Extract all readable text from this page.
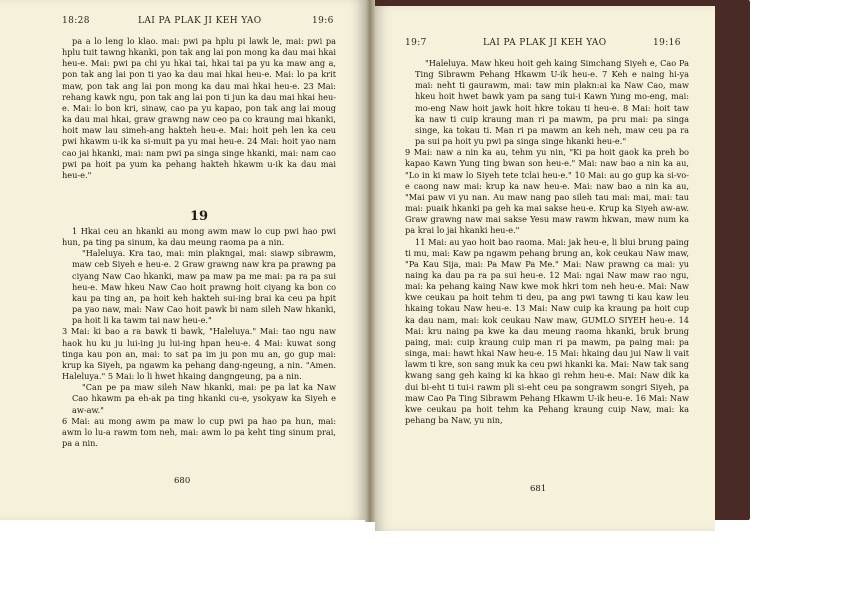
18:28	LAI PA PLAK JI KEH YAO	19:6

pa a lo leng lo klao. mai: pwi pa hplu pi lawk le, mai: pwi pa hplu tuit tawng hkanki, pon tak ang lai pon mong ka dau mai hkai heu-e. Mai: pwi pa chi yu hkai tai, hkai tai pa yu ka maw ang a, pon tak ang lai pon ti yao ka dau mai hkai heu-e. Mai: lo pa krit maw, pon tak ang lai pon mong ka dau mai hkai heu-e. 23 Mai: rehang kawk ngu, pon tak ang lai pon ti jun ka dau mai hkai heu-e. Mai: lo bon kri, sinaw, cao pa yu kapao, pon tak ang lai moug ka dau mai hkai, graw grawng naw ceo pa co kraung mai hkanki, hoit maw lau simeh-ang hakteh heu-e. Mai: hoit peh len ka ceu pwi hkawm u-ik ka si-muit pa yu mai heu-e. 24 Mai: hoit yao nam cao jai hkanki, mai: nam pwi pa singa singe hkanki, mai: nam cao pwi pa hoit pa yum ka pehang hakteh hkawm u-ik ka dau mai heu-e."

19

1 Hkai ceu an hkanki au mong awm maw lo cup pwi hao pwi hun, pa ting pa sinum, ka dau meung raoma pa a nin.

"Haleluya. Kra tao, mai: min plakngai, mai: siawp sibrawm, maw ceb Siyeh e heu-e. 2 Graw grawng naw kra pa prawng pa ciyang Naw Cao hkanki, maw pa maw pa me mai: pa ra pa sui heu-e. Maw hkeu Naw Cao hoit prawng hoit ciyang ka bon co kau pa ting an, pa hoit keh hakteh sui-ing brai ka ceu pa hpit pa yao naw, mai: Naw Cao hoit pawk bi nam sileh Naw hkanki, pa hoit li ka tawm tai naw heu-e."

3 Mai: ki bao a ra bawk ti bawk, "Haleluya." Mai: tao ngu naw haok hu ku ju lui-ing ju lui-ing hpan heu-e. 4 Mai: kuwat song tinga kau pon an, mai: to sat pa im ju pon mu an, go gup mai: krup ka Siyeh, pa ngawm ka pehang dang-ngeung, a nin. "Amen. Haleluya." 5 Mai: lo li hwet hkaing dangngeung, pa a nin.

"Can pe pa maw sileh Naw hkanki, mai: pe pa lat ka Naw Cao hkawm pa eh-ak pa ting hkanki cu-e, ysokyaw ka Siyeh e aw-aw."

6 Mai: au mong awm pa maw lo cup pwi pa hao pa hun, mai: awm lo lu-a rawm tom neh, mai: awm lo pa keht ting sinum prai, pa a nin.

680
19:7	LAI PA PLAK JI KEH YAO	19:16

"Haleluya. Maw hkeu hoit geh kaing Simchang Siyeh e, Cao Pa Ting Sibrawm Pehang Hkawm U-ik heu-e. 7 Keh e naing hi-ya mai: neht ti gaurawm, mai: taw min plakn:ai ka Naw Cao, maw hkeu hoit hwet bawk yam pa sang tui-i Kawn Yung mo-eng, mai: mo-eng Naw hoit jawk hoit hkre tokau ti heu-e. 8 Mai: hoit taw ka naw ti cuip kraung man ri pa mawm, pa pru mai: pa singa singe, ka tokau ti. Man ri pa mawm an keh neh, maw ceu pa ra pa sui pa hoit yu pwi pa singa singe hkanki heu-e."

9 Mai: naw a nin ka au, tehm yu nin, "Ki pa hoit gaok ka preh bo kapao Kawn Yung ting bwan son heu-e." Mai: naw bao a nin ka au, "Lo in ki maw lo Siyeh tete tclai heu-e." 10 Mai: au go gup ka si-vo-e caong naw mai: krup ka naw heu-e. Mai: naw bao a nin ka au, "Mai paw vi yu nan. Au maw nang pao sileh tau mai: mai, mai: tau mai: puaik hkanki pa geh ka mai sakse heu-e. Krup ka Siyeh aw-aw. Graw grawng naw mai sakse Yesu maw rawm hkwan, maw num ka pa krai lo jai hkanki heu-e."

11 Mai: au yao hoit bao raoma. Mai: jak heu-e, li blui brung paing ti mu, mai: Kaw pa ngawm pehang brung an, kok ceukau Naw maw, "Pa Kau Sija, mai: Pa Maw Pa Me." Mai: Naw prawng ca mai: yu naing ka dau pa ra pa sui heu-e. 12 Mai: ngai Naw maw rao ngu, mai: ka pehang kaing Naw kwe mok hkri tom neh heu-e. Mai: Naw kwe ceukau pa hoit tehm ti deu, pa ang pwi tawng ti kau kaw leu hkaing tokau Naw heu-e. 13 Mai: Naw cuip ka kraung pa hoit cup ka dau nam, mai: kok ceukau Naw maw, GUMLO SIYEH heu-e. 14 Mai: kru naing pa kwe ka dau meung raoma hkanki, bruk brung paing, mai: cuip kraung cuip man ri pa mawm, pa paing mai: pa singa, mai: hawt hkai Naw heu-e. 15 Mai: hkaing dau jui Naw li vait lawm ti kre, son sang muk ka ceu pwi hkanki ka. Mai: Naw tak sang kwang sang geh kaing ki ka hkao gi rehm heu-e. Mai: Naw dik ka dui bi-eht ti tui-i rawm pli si-eht ceu pa songrawm songri Siyeh, pa maw Cao Pa Ting Sibrawm Pehang Hkawm U-ik heu-e. 16 Mai: Naw kwe ceukau pa hoit tehm ka Pehang kraung cuip Naw, mai: ka pehang ba Naw, yu nin,

681
